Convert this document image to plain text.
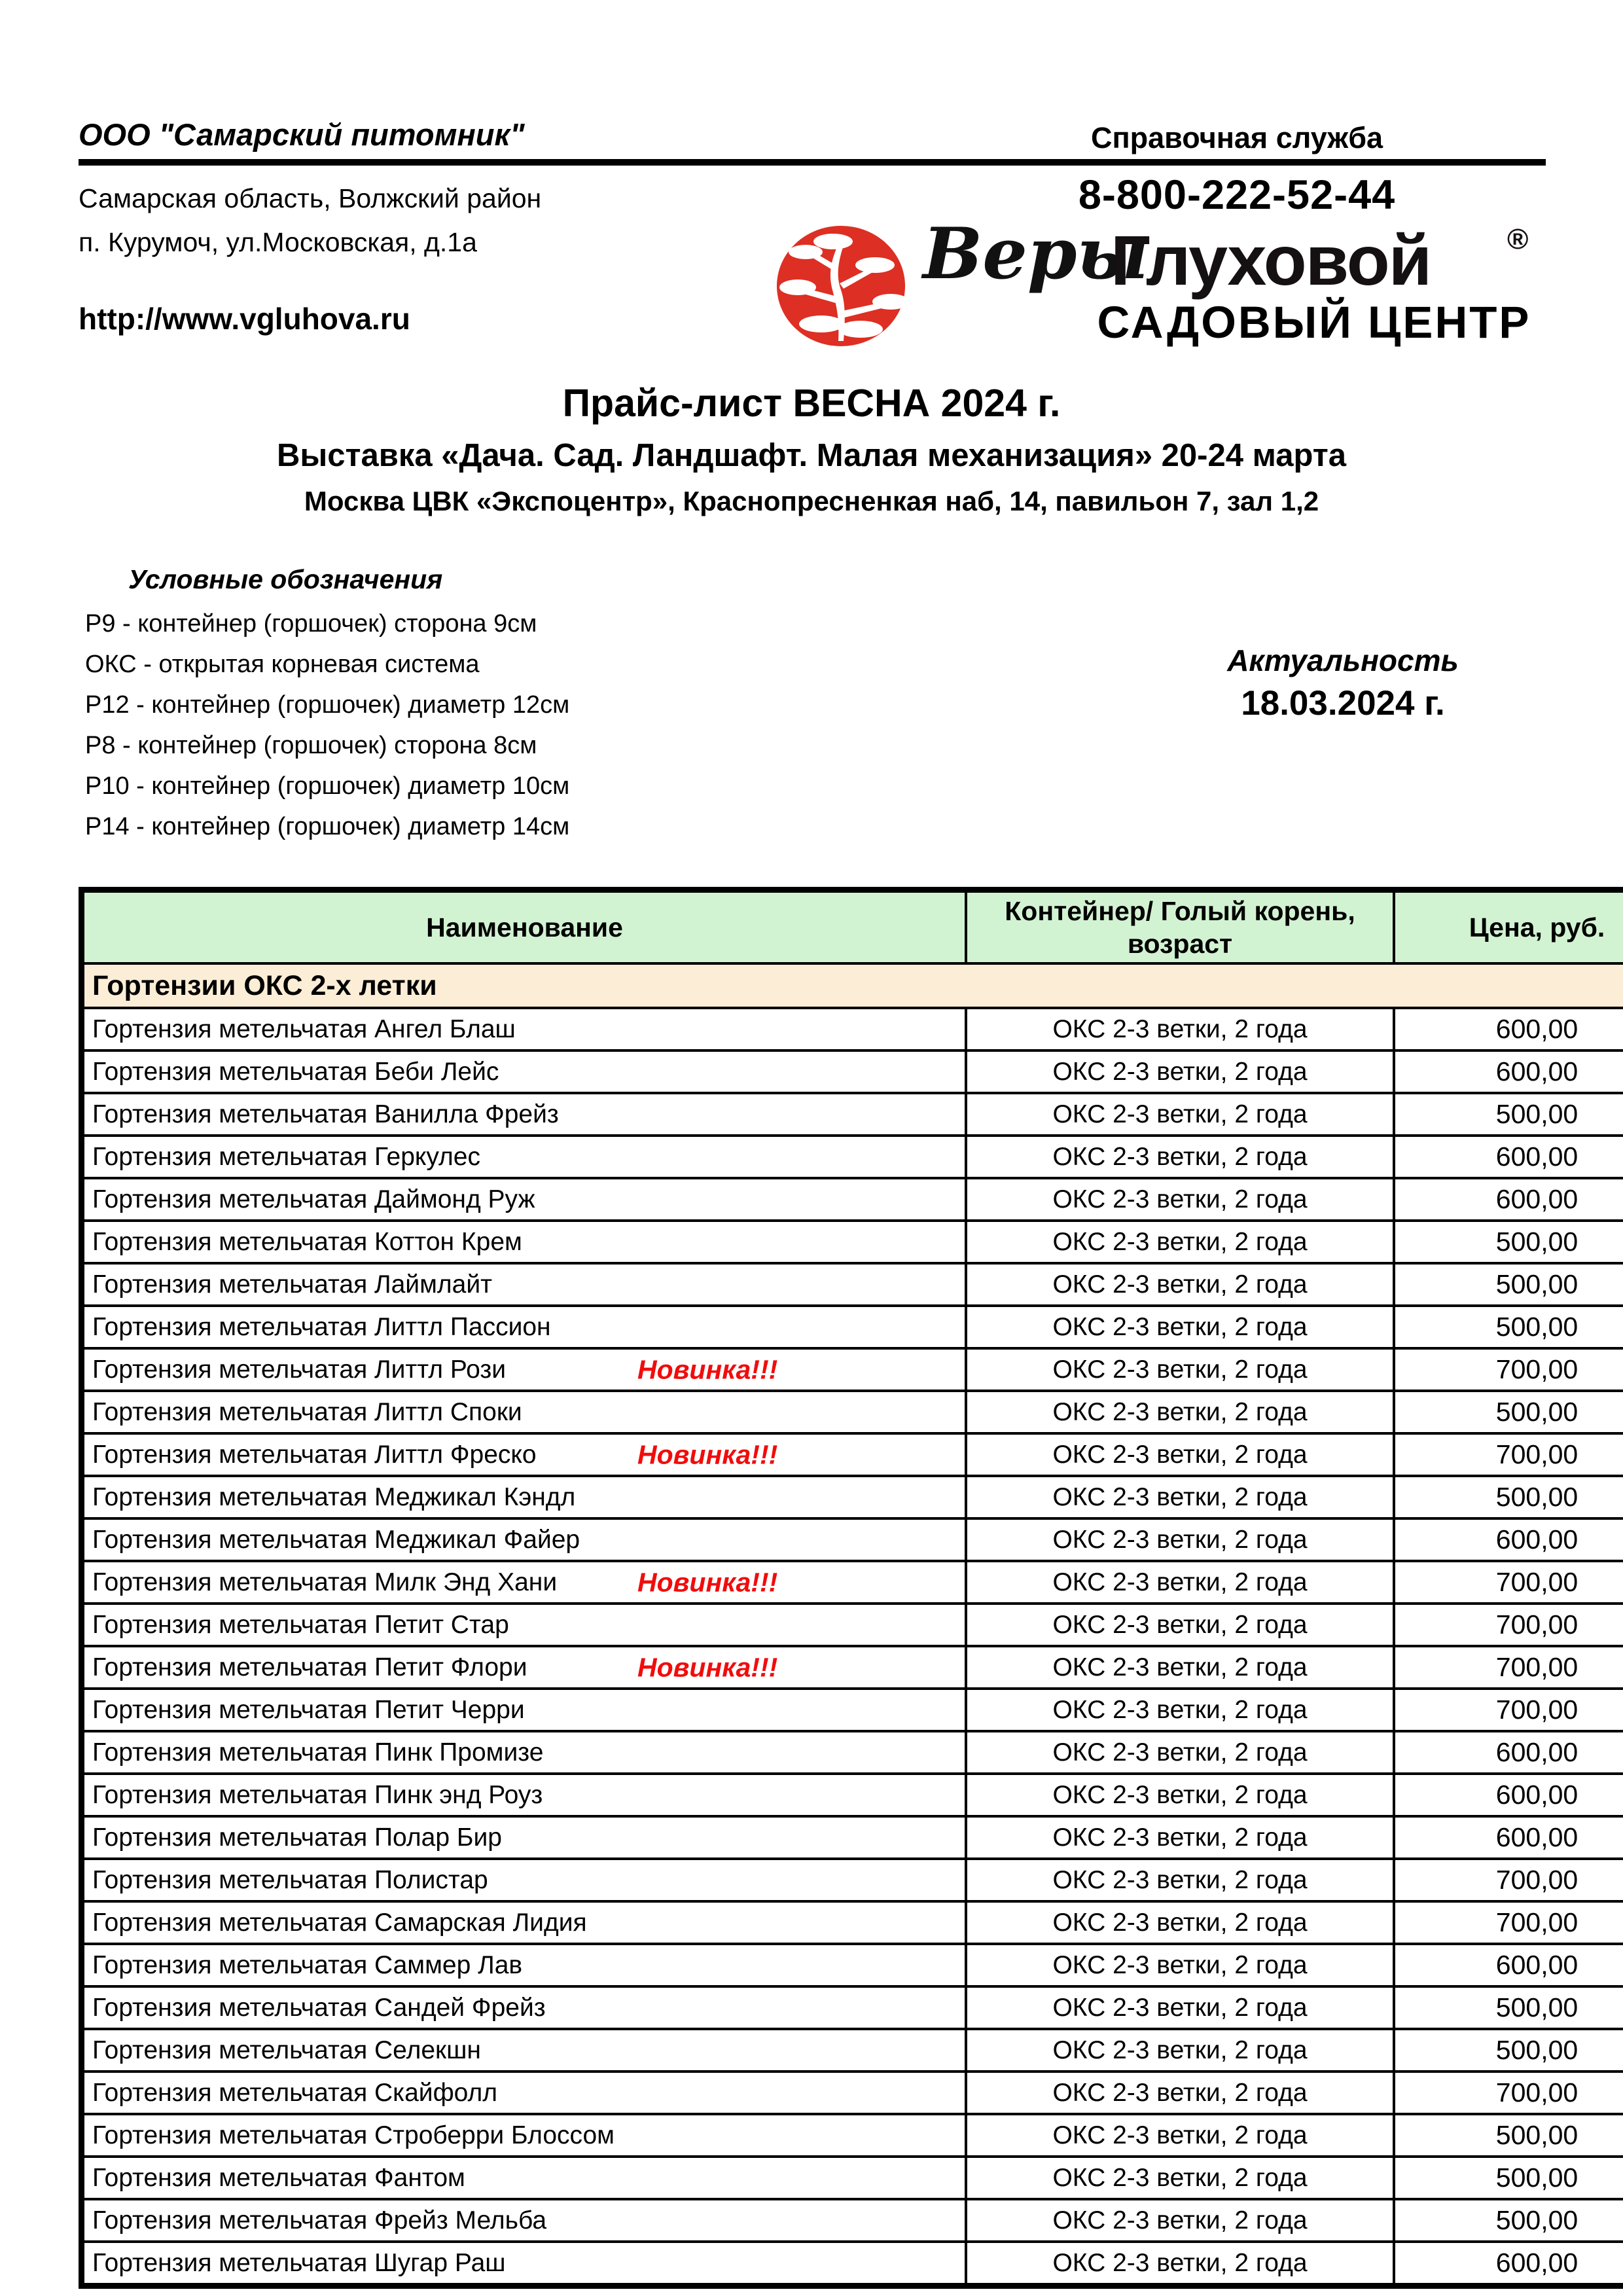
ООО "Самарский питомник"	Справочная служба
8-800-222-52-44
Самарская область, Волжский район
п. Курумоч, ул.Московская, д.1а
http://www.vgluhova.ru
Веры
Глуховой	®
САДОВЫЙ ЦЕНТР
Прайс-лист ВЕСНА 2024 г.
Выставка «Дача. Сад. Ландшафт. Малая механизация» 20-24 марта
Москва ЦВК «Экспоцентр», Краснопресненкая наб, 14, павильон 7, зал 1,2
Условные обозначения
Р9 - контейнер (горшочек) сторона 9см
ОКС - открытая корневая система
Р12 - контейнер (горшочек) диаметр 12см
Р8 - контейнер (горшочек) сторона 8см
Р10 - контейнер (горшочек) диаметр 10см
Р14 - контейнер (горшочек) диаметр 14см
Актуальность
18.03.2024 г.
Наименование	Контейнер/ Голый корень, возраст	Цена, руб.
Гортензии ОКС 2-х летки		
Гортензия метельчатая Ангел Блаш	ОКС 2-3 ветки, 2 года	600,00
Гортензия метельчатая Беби Лейс	ОКС 2-3 ветки, 2 года	600,00
Гортензия метельчатая Ванилла Фрейз	ОКС 2-3 ветки, 2 года	500,00
Гортензия метельчатая Геркулес	ОКС 2-3 ветки, 2 года	600,00
Гортензия метельчатая Даймонд Руж	ОКС 2-3 ветки, 2 года	600,00
Гортензия метельчатая Коттон Крем	ОКС 2-3 ветки, 2 года	500,00
Гортензия метельчатая Лаймлайт	ОКС 2-3 ветки, 2 года	500,00
Гортензия метельчатая Литтл Пассион	ОКС 2-3 ветки, 2 года	500,00
Гортензия метельчатая Литтл Рози Новинка!!!	ОКС 2-3 ветки, 2 года	700,00
Гортензия метельчатая Литтл Споки	ОКС 2-3 ветки, 2 года	500,00
Гортензия метельчатая Литтл Фреско Новинка!!!	ОКС 2-3 ветки, 2 года	700,00
Гортензия метельчатая Меджикал Кэндл	ОКС 2-3 ветки, 2 года	500,00
Гортензия метельчатая Меджикал Файер	ОКС 2-3 ветки, 2 года	600,00
Гортензия метельчатая Милк Энд Хани Новинка!!!	ОКС 2-3 ветки, 2 года	700,00
Гортензия метельчатая Петит Стар	ОКС 2-3 ветки, 2 года	700,00
Гортензия метельчатая Петит Флори Новинка!!!	ОКС 2-3 ветки, 2 года	700,00
Гортензия метельчатая Петит Черри	ОКС 2-3 ветки, 2 года	700,00
Гортензия метельчатая Пинк Промизе	ОКС 2-3 ветки, 2 года	600,00
Гортензия метельчатая Пинк энд Роуз	ОКС 2-3 ветки, 2 года	600,00
Гортензия метельчатая Полар Бир	ОКС 2-3 ветки, 2 года	600,00
Гортензия метельчатая Полистар	ОКС 2-3 ветки, 2 года	700,00
Гортензия метельчатая Самарская Лидия	ОКС 2-3 ветки, 2 года	700,00
Гортензия метельчатая Саммер Лав	ОКС 2-3 ветки, 2 года	600,00
Гортензия метельчатая Сандей Фрейз	ОКС 2-3 ветки, 2 года	500,00
Гортензия метельчатая Селекшн	ОКС 2-3 ветки, 2 года	500,00
Гортензия метельчатая Скайфолл	ОКС 2-3 ветки, 2 года	700,00
Гортензия метельчатая Строберри Блоссом	ОКС 2-3 ветки, 2 года	500,00
Гортензия метельчатая Фантом	ОКС 2-3 ветки, 2 года	500,00
Гортензия метельчатая Фрейз Мельба	ОКС 2-3 ветки, 2 года	500,00
Гортензия метельчатая Шугар Раш	ОКС 2-3 ветки, 2 года	600,00
